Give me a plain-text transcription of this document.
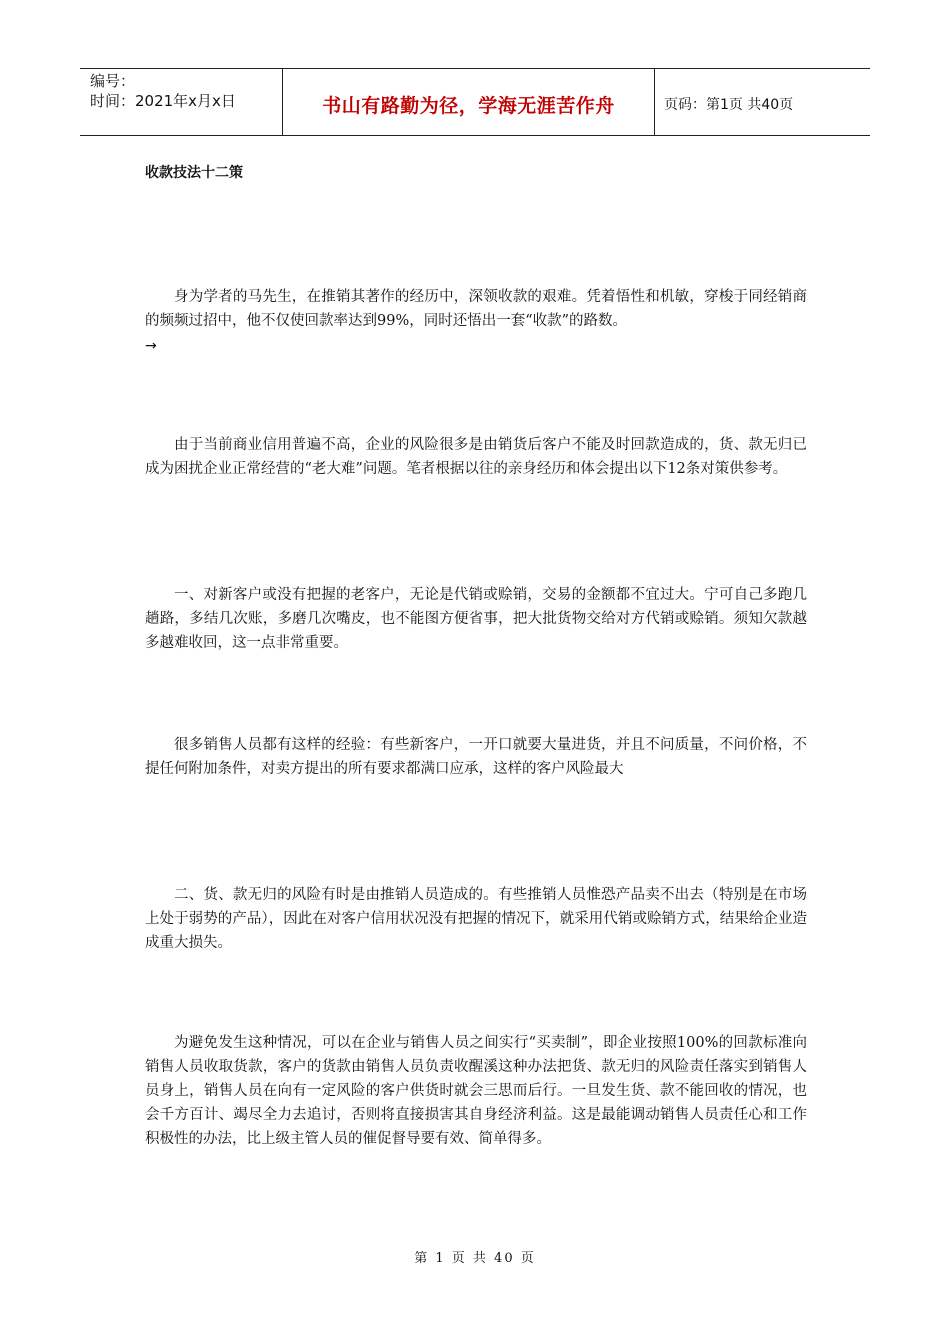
编号：
时间：2021年x月x日	书山有路勤为径，学海无涯苦作舟	页码：第1页 共40页
收款技法十二策

身为学者的马先生，在推销其著作的经历中，深领收款的艰难。凭着悟性和机敏，穿梭于同经销商的频频过招中，他不仅使回款率达到99%，同时还悟出一套“收款”的路数。

→

由于当前商业信用普遍不高，企业的风险很多是由销货后客户不能及时回款造成的，货、款无归已成为困扰企业正常经营的“老大难”问题。笔者根据以往的亲身经历和体会提出以下12条对策供参考。

一、对新客户或没有把握的老客户，无论是代销或赊销，交易的金额都不宜过大。宁可自己多跑几趟路，多结几次账，多磨几次嘴皮，也不能图方便省事，把大批货物交给对方代销或赊销。须知欠款越多越难收回，这一点非常重要。

很多销售人员都有这样的经验：有些新客户，一开口就要大量进货，并且不问质量，不问价格，不提任何附加条件，对卖方提出的所有要求都满口应承，这样的客户风险最大

二、货、款无归的风险有时是由推销人员造成的。有些推销人员惟恐产品卖不出去（特别是在市场上处于弱势的产品），因此在对客户信用状况没有把握的情况下，就采用代销或赊销方式，结果给企业造成重大损失。

为避免发生这种情况，可以在企业与销售人员之间实行“买卖制”，即企业按照100%的回款标准向销售人员收取货款，客户的货款由销售人员负责收醒溪这种办法把货、款无归的风险责任落实到销售人员身上，销售人员在向有一定风险的客户供货时就会三思而后行。一旦发生货、款不能回收的情况，也会千方百计、竭尽全力去追讨，否则将直接损害其自身经济利益。这是最能调动销售人员责任心和工作积极性的办法，比上级主管人员的催促督导要有效、简单得多。

第 1 页 共 40 页
